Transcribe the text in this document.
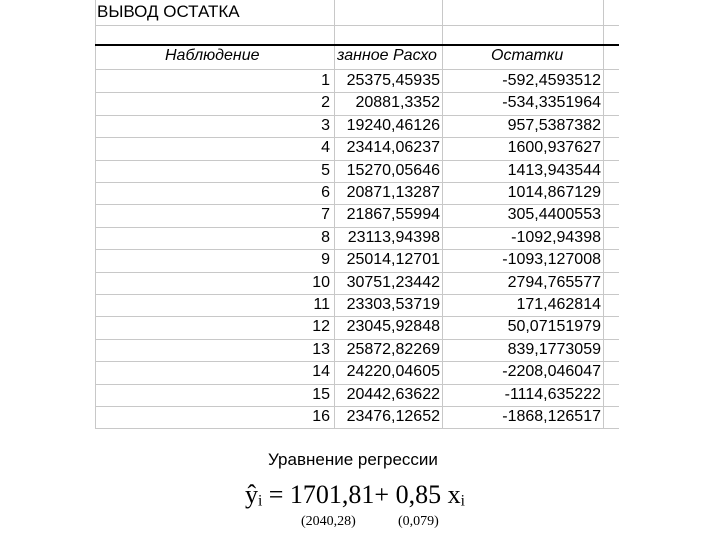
ВЫВОД ОСТАТКА
Наблюдение	занное Расхо	Остатки
1	25375,45935	-592,4593512
2	20881,3352	-534,3351964
3	19240,46126	957,5387382
4	23414,06237	1600,937627
5	15270,05646	1413,943544
6	20871,13287	1014,867129
7	21867,55994	305,4400553
8	23113,94398	-1092,94398
9	25014,12701	-1093,127008
10	30751,23442	2794,765577
11	23303,53719	171,462814
12	23045,92848	50,07151979
13	25872,82269	839,1773059
14	24220,04605	-2208,046047
15	20442,63622	-1114,635222
16	23476,12652	-1868,126517
Уравнение регрессии
ŷᵢ = 1701,81+ 0,85 xᵢ
(2040,28)	(0,079)
